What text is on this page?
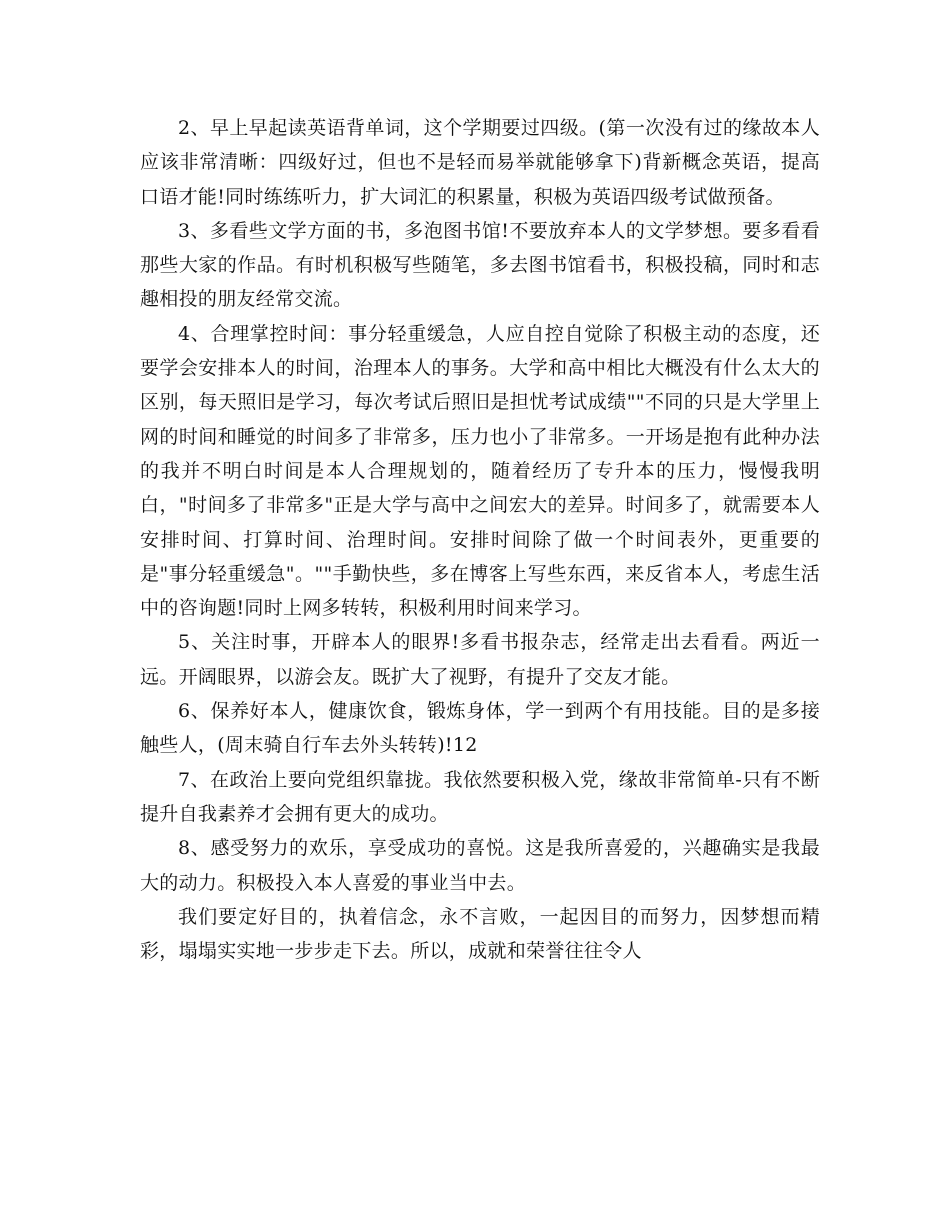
2、早上早起读英语背单词，这个学期要过四级。(第一次没有过的缘故本人应该非常清晰：四级好过，但也不是轻而易举就能够拿下)背新概念英语，提高口语才能!同时练练听力，扩大词汇的积累量，积极为英语四级考试做预备。

3、多看些文学方面的书，多泡图书馆!不要放弃本人的文学梦想。要多看看那些大家的作品。有时机积极写些随笔，多去图书馆看书，积极投稿，同时和志趣相投的朋友经常交流。

4、合理掌控时间：事分轻重缓急，人应自控自觉除了积极主动的态度，还要学会安排本人的时间，治理本人的事务。大学和高中相比大概没有什么太大的区别，每天照旧是学习，每次考试后照旧是担忧考试成绩""不同的只是大学里上网的时间和睡觉的时间多了非常多，压力也小了非常多。一开场是抱有此种办法的我并不明白时间是本人合理规划的，随着经历了专升本的压力，慢慢我明白，"时间多了非常多"正是大学与高中之间宏大的差异。时间多了，就需要本人安排时间、打算时间、治理时间。安排时间除了做一个时间表外，更重要的是"事分轻重缓急"。""手勤快些，多在博客上写些东西，来反省本人，考虑生活中的咨询题!同时上网多转转，积极利用时间来学习。

5、关注时事，开辟本人的眼界!多看书报杂志，经常走出去看看。两近一远。开阔眼界，以游会友。既扩大了视野，有提升了交友才能。

6、保养好本人，健康饮食，锻炼身体，学一到两个有用技能。目的是多接触些人，(周末骑自行车去外头转转)!12

7、在政治上要向党组织靠拢。我依然要积极入党，缘故非常简单-只有不断提升自我素养才会拥有更大的成功。

8、感受努力的欢乐，享受成功的喜悦。这是我所喜爱的，兴趣确实是我最大的动力。积极投入本人喜爱的事业当中去。

我们要定好目的，执着信念，永不言败，一起因目的而努力，因梦想而精彩，塌塌实实地一步步走下去。所以，成就和荣誉往往令人
